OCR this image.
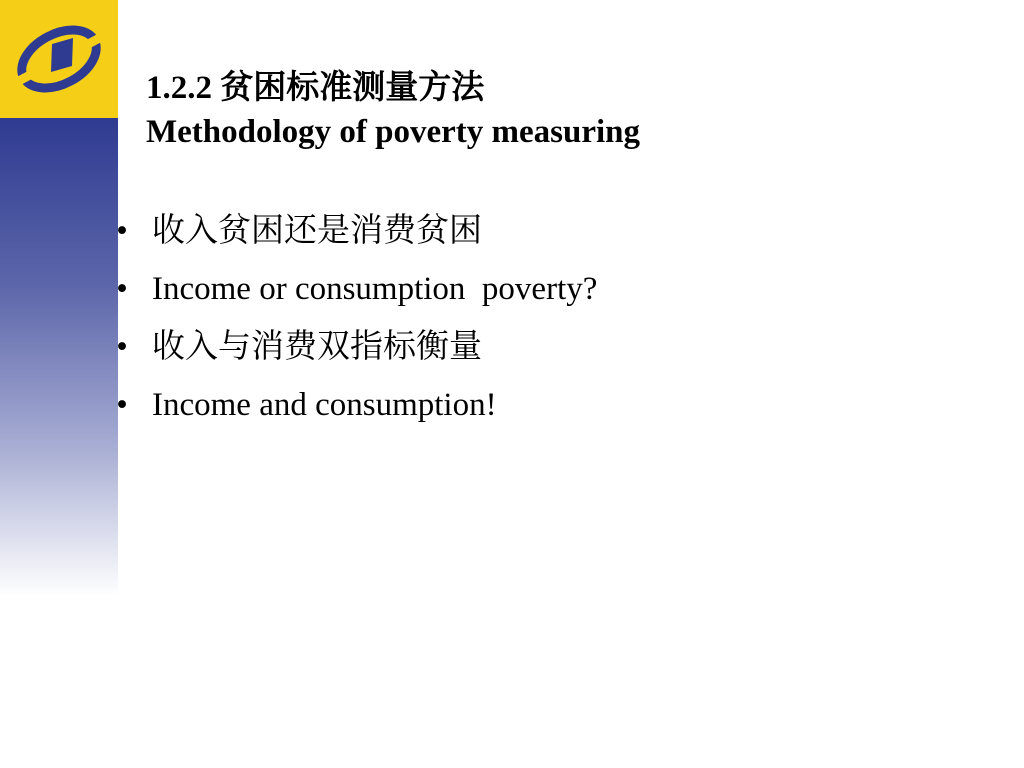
1.2.2 贫困标准测量方法
Methodology of poverty measuring
• 收入贫困还是消费贫困
• Income or consumption  poverty?
• 收入与消费双指标衡量
• Income and consumption!
